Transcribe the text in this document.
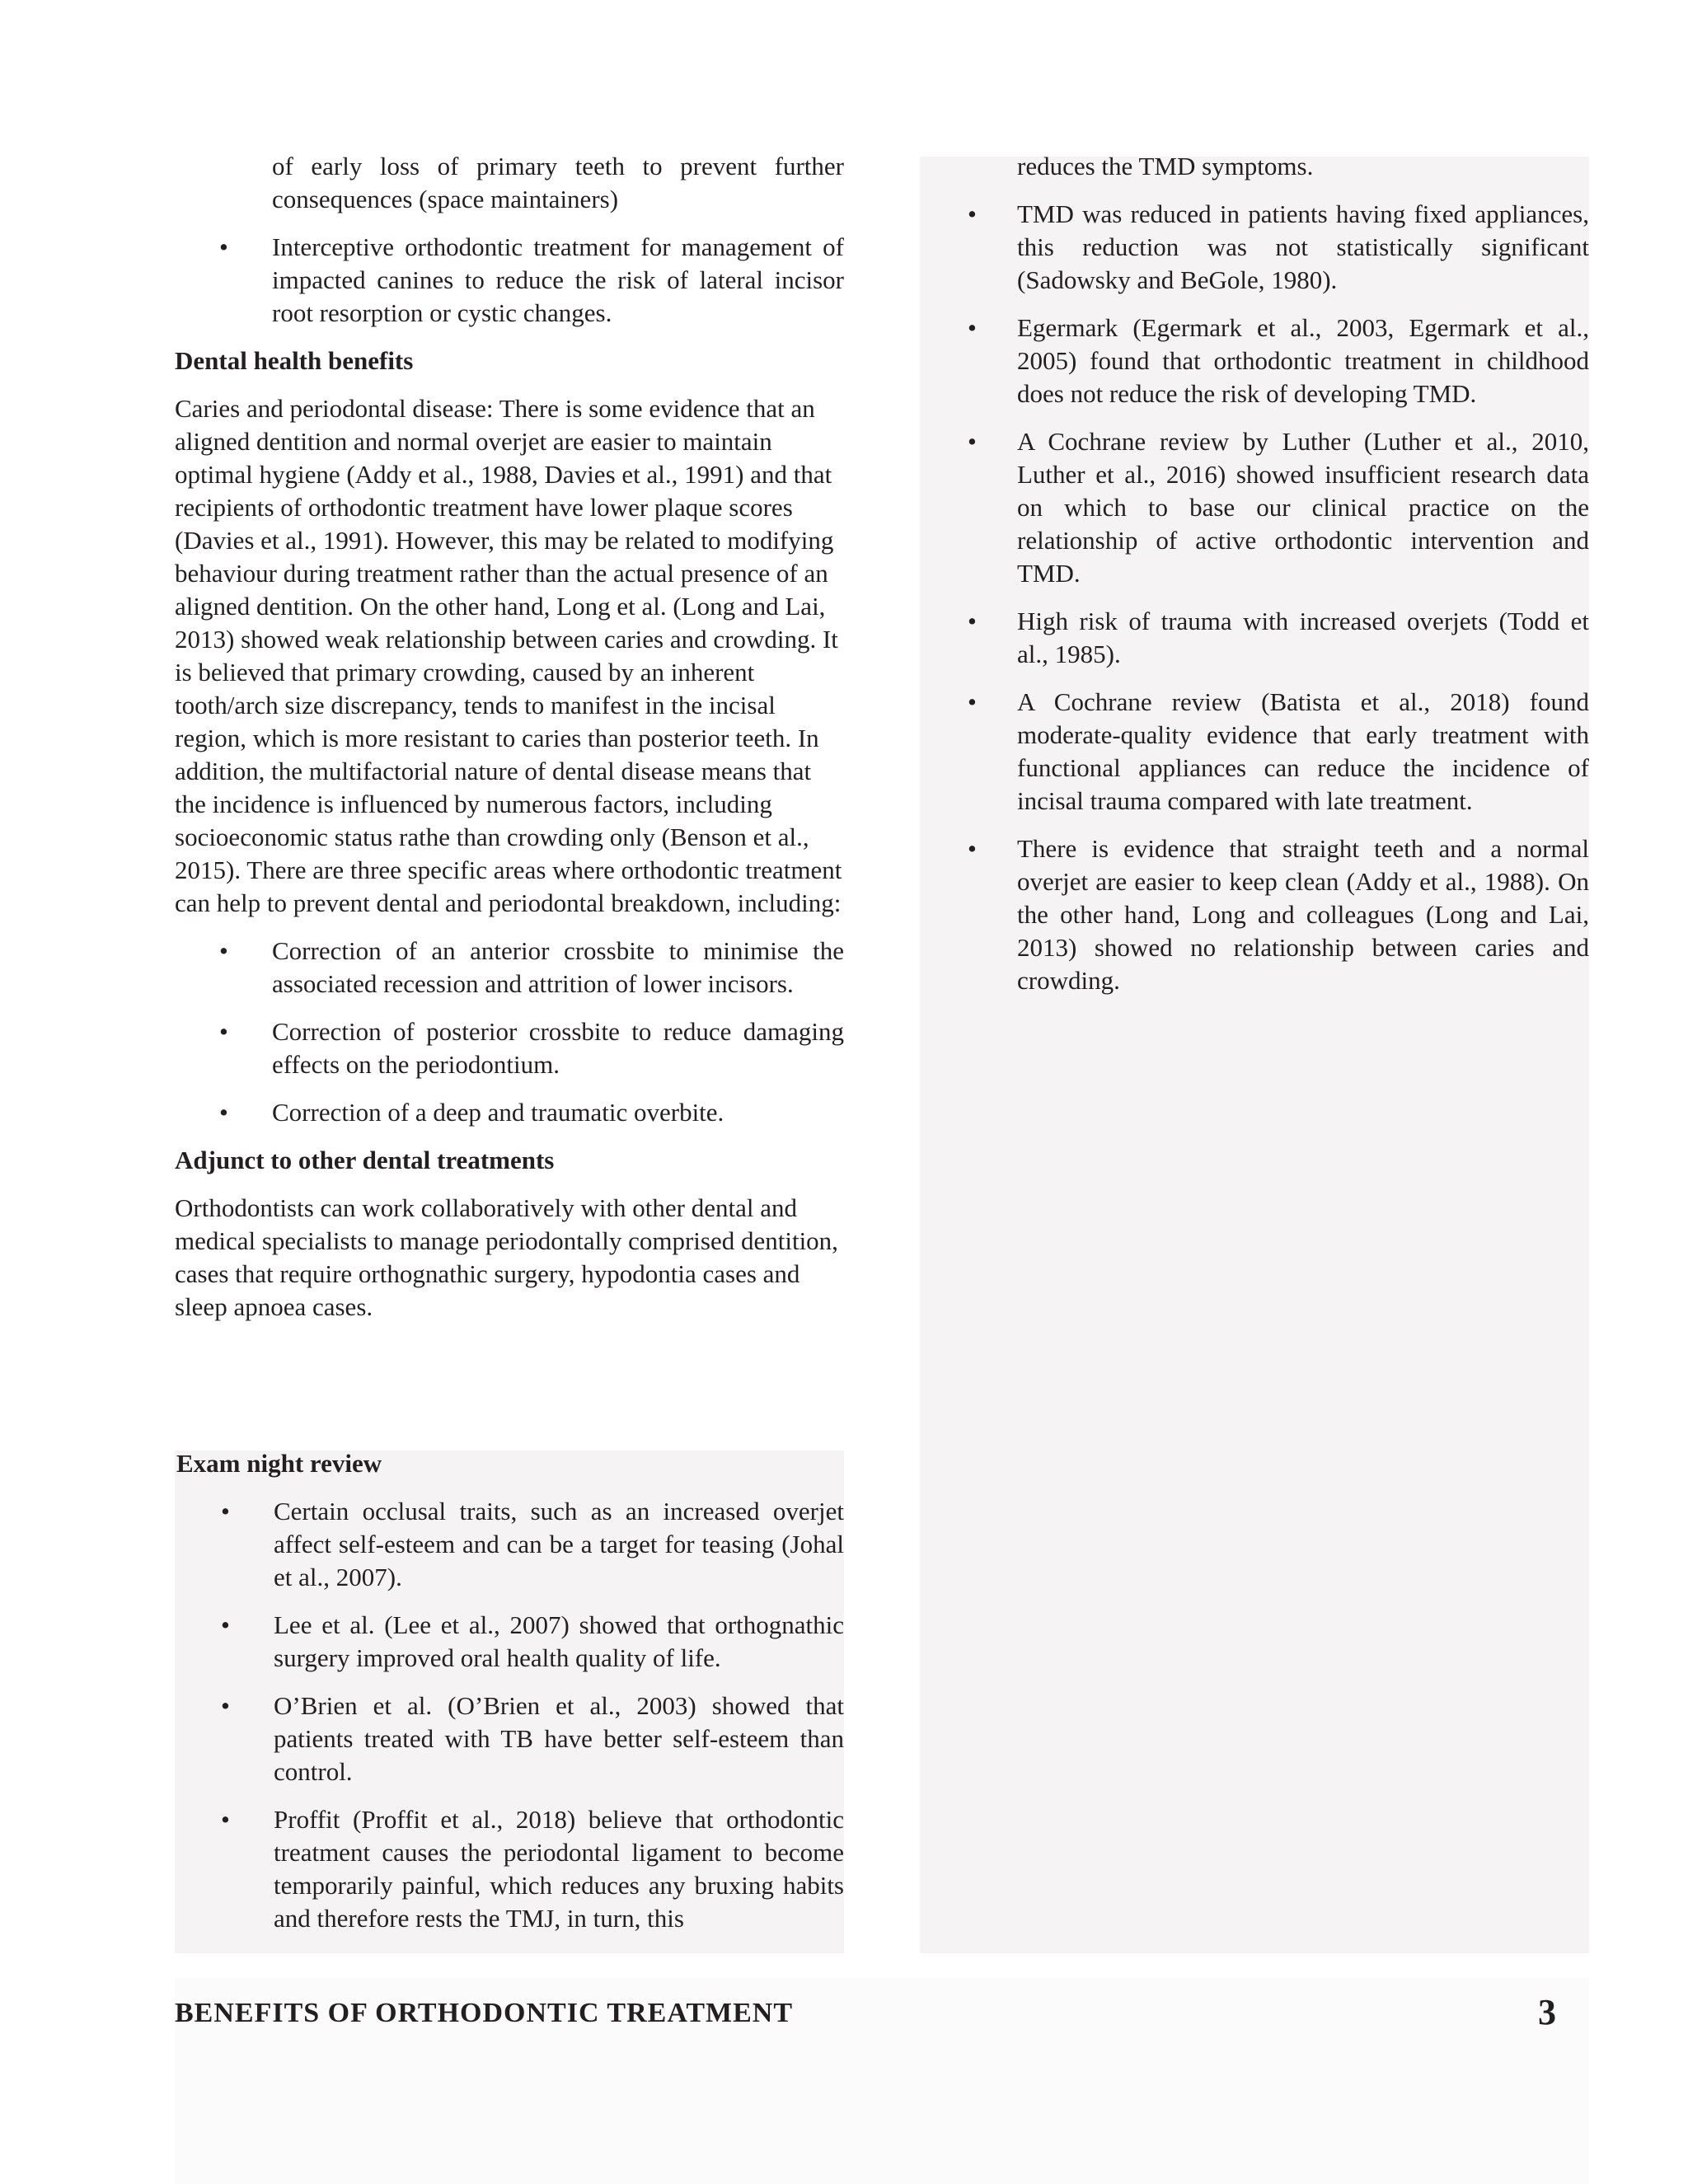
of early loss of primary teeth to prevent further consequences (space maintainers)

• Interceptive orthodontic treatment for management of impacted canines to reduce the risk of lateral incisor root resorption or cystic changes.
Dental health benefits

Caries and periodontal disease: There is some evidence that an aligned dentition and normal overjet are easier to maintain optimal hygiene (Addy et al., 1988, Davies et al., 1991) and that recipients of orthodontic treatment have lower plaque scores (Davies et al., 1991). However, this may be related to modifying behaviour during treatment rather than the actual presence of an aligned dentition. On the other hand, Long et al. (Long and Lai, 2013) showed weak relationship between caries and crowding. It is believed that primary crowding, caused by an inherent tooth/arch size discrepancy, tends to manifest in the incisal region, which is more resistant to caries than posterior teeth. In addition, the multifactorial nature of dental disease means that the incidence is influenced by numerous factors, including socioeconomic status rathe than crowding only (Benson et al., 2015). There are three specific areas where orthodontic treatment can help to prevent dental and periodontal breakdown, including:

• Correction of an anterior crossbite to minimise the associated recession and attrition of lower incisors.
• Correction of posterior crossbite to reduce damaging effects on the periodontium.
• Correction of a deep and traumatic overbite.
Adjunct to other dental treatments

Orthodontists can work collaboratively with other dental and medical specialists to manage periodontally comprised dentition, cases that require orthognathic surgery, hypodontia cases and sleep apnoea cases.

Exam night review
• Certain occlusal traits, such as an increased overjet affect self-esteem and can be a target for teasing (Johal et al., 2007).
• Lee et al. (Lee et al., 2007) showed that orthognathic surgery improved oral health quality of life.
• O’Brien et al. (O’Brien et al., 2003) showed that patients treated with TB have better self-esteem than control.
• Proffit (Proffit et al., 2018) believe that orthodontic treatment causes the periodontal ligament to become temporarily painful, which reduces any bruxing habits and therefore rests the TMJ, in turn, this

reduces the TMD symptoms.

• TMD was reduced in patients having fixed appliances, this reduction was not statistically significant (Sadowsky and BeGole, 1980).
• Egermark (Egermark et al., 2003, Egermark et al., 2005) found that orthodontic treatment in childhood does not reduce the risk of developing TMD.
• A Cochrane review by Luther (Luther et al., 2010, Luther et al., 2016) showed insufficient research data on which to base our clinical practice on the relationship of active orthodontic intervention and TMD.
• High risk of trauma with increased overjets (Todd et al., 1985).
• A Cochrane review (Batista et al., 2018) found moderate-quality evidence that early treatment with functional appliances can reduce the incidence of incisal trauma compared with late treatment.
• There is evidence that straight teeth and a normal overjet are easier to keep clean (Addy et al., 1988). On the other hand, Long and colleagues (Long and Lai, 2013) showed no relationship between caries and crowding.
BENEFITS OF ORTHODONTIC TREATMENT	3
